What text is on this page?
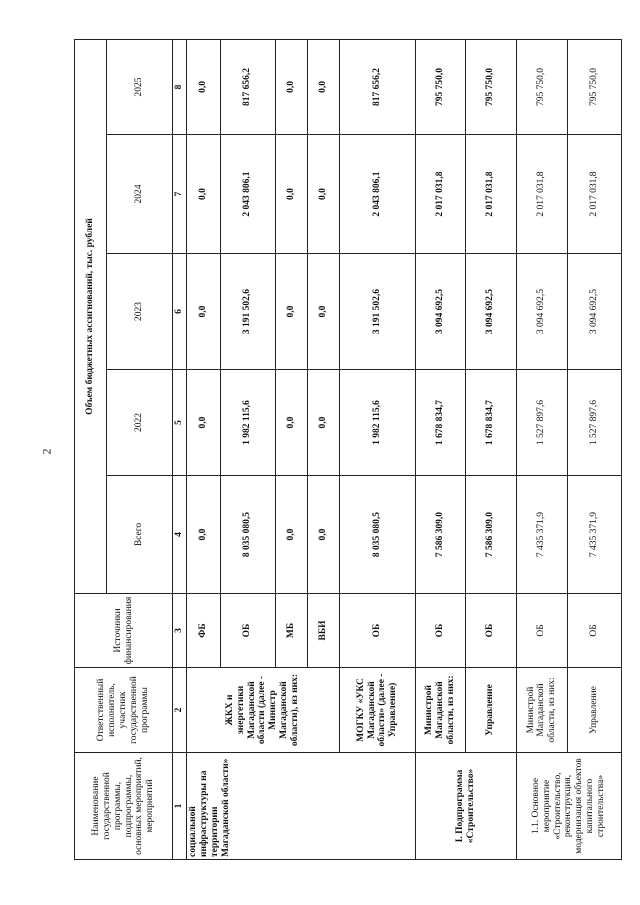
2
Наименование государственной программы, подпрограммы, основных мероприятий, мероприятий	Ответственный исполнитель, участник государственной программы	Источники финансирования	Объем бюджетных ассигнований, тыс. рублей				
			Всего	2022	2023	2024	2025
1	2	3	4	5	6	7	8
социальной инфраструктуры на территории Магаданской области»	ЖКХ и энергетики Магаданской области (далее - Министр Магаданской области), из них:	ФБ	0,0	0,0	0,0	0,0	0,0
		ОБ	8 035 080,5	1 982 115,6	3 191 502,6	2 043 806,1	817 656,2
		МБ	0,0	0,0	0,0	0,0	0,0
		ВБИ	0,0	0,0	0,0	0,0	0,0
	МОГКУ «УКС Магаданской области» (далее - Управление)	ОБ	8 035 080,5	1 982 115,6	3 191 502,6	2 043 806,1	817 656,2
I. Подпрограмма «Строительство»	Министрой Магаданской области, из них:	ОБ	7 586 309,0	1 678 834,7	3 094 692,5	2 017 031,8	795 750,0
	Управление	ОБ	7 586 309,0	1 678 834,7	3 094 692,5	2 017 031,8	795 750,0
1.1. Основное мероприятие «Строительство, реконструкция, модернизация объектов капитального строительства»	Министрой Магаданской области, из них:	ОБ	7 435 371,9	1 527 897,6	3 094 692,5	2 017 031,8	795 750,0
	Управление	ОБ	7 435 371,9	1 527 897,6	3 094 692,5	2 017 031,8	795 750,0
